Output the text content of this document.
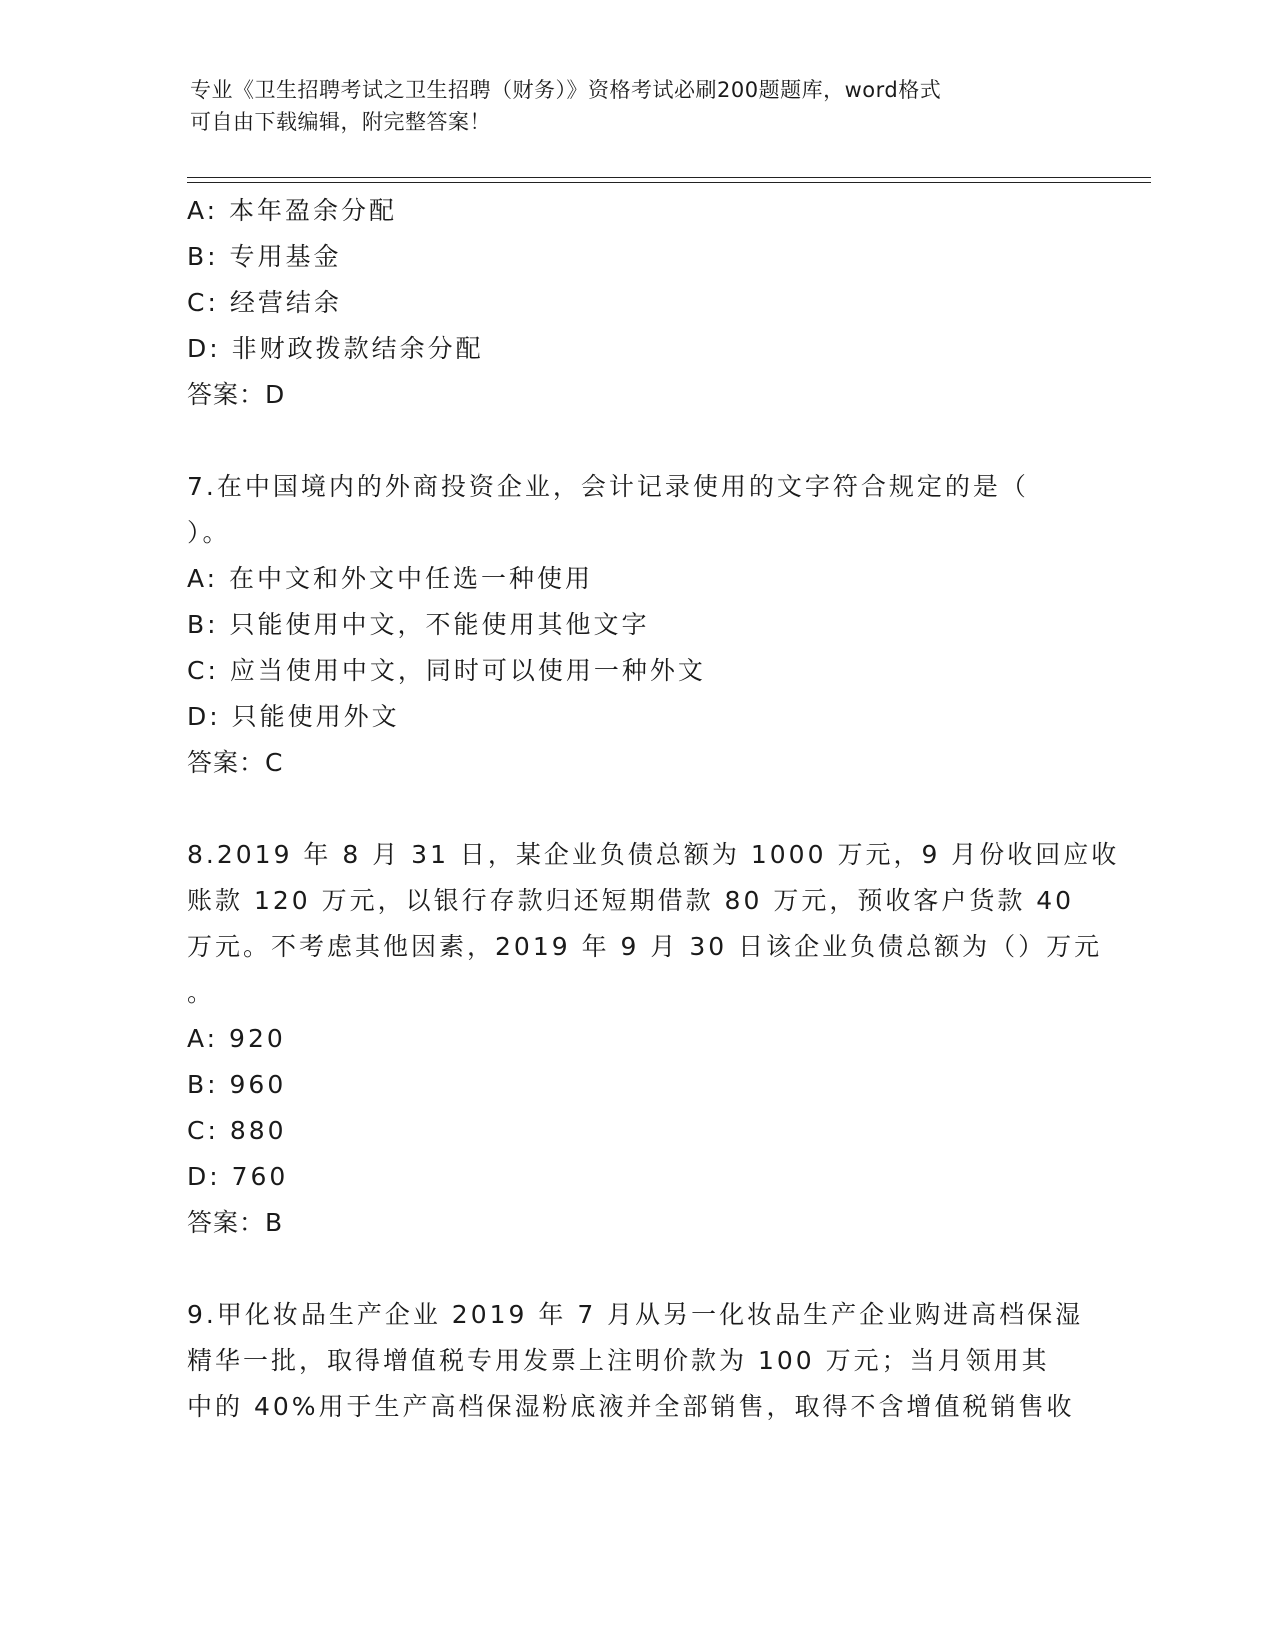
专业《卫生招聘考试之卫生招聘（财务）》资格考试必刷200题题库，word格式
可自由下载编辑，附完整答案！
A: 本年盈余分配
B: 专用基金
C: 经营结余
D: 非财政拨款结余分配
答案：D
7.在中国境内的外商投资企业，会计记录使用的文字符合规定的是（
）。
A: 在中文和外文中任选一种使用
B: 只能使用中文，不能使用其他文字
C: 应当使用中文，同时可以使用一种外文
D: 只能使用外文
答案：C
8.2019 年 8 月 31 日，某企业负债总额为 1000 万元，9 月份收回应收
账款 120 万元，以银行存款归还短期借款 80 万元，预收客户货款 40
万元。不考虑其他因素，2019 年 9 月 30 日该企业负债总额为（）万元
。
A: 920
B: 960
C: 880
D: 760
答案：B
9.甲化妆品生产企业 2019 年 7 月从另一化妆品生产企业购进高档保湿
精华一批，取得增值税专用发票上注明价款为 100 万元；当月领用其
中的 40%用于生产高档保湿粉底液并全部销售，取得不含增值税销售收
